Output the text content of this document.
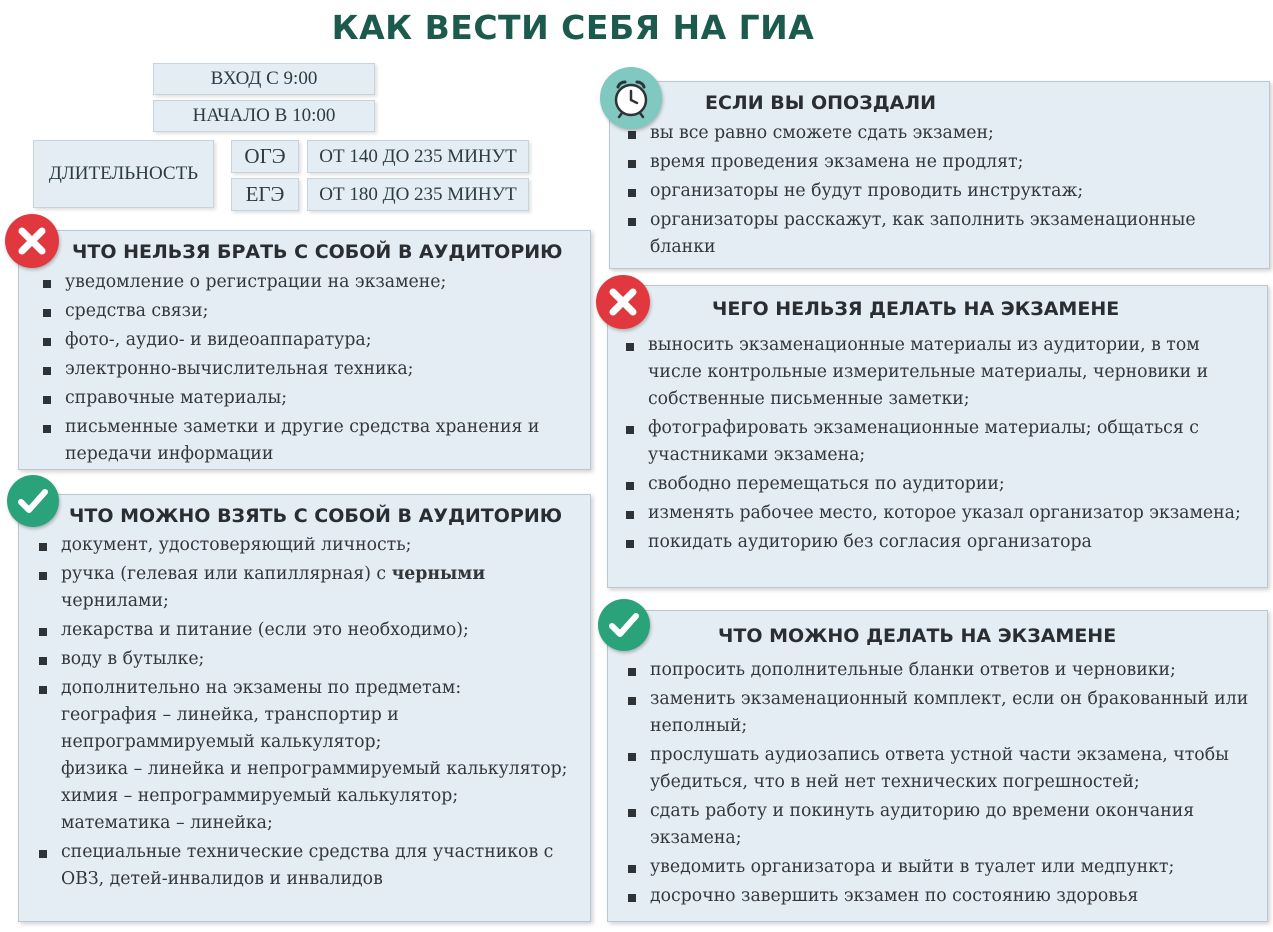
КАК ВЕСТИ СЕБЯ НА ГИА
ВХОД С 9:00
НАЧАЛО В 10:00
ДЛИТЕЛЬНОСТЬ
ОГЭ	ОТ 140 ДО 235 МИНУТ
ЕГЭ	ОТ 180 ДО 235 МИНУТ
ЧТО НЕЛЬЗЯ БРАТЬ С СОБОЙ В АУДИТОРИЮ
уведомление о регистрации на экзамене;
средства связи;
фото-, аудио- и видеоаппаратура;
электронно-вычислительная техника;
справочные материалы;
письменные заметки и другие средства хранения и передачи информации
ЧТО МОЖНО ВЗЯТЬ С СОБОЙ В АУДИТОРИЮ
документ, удостоверяющий личность;
ручка (гелевая или капиллярная) с черными чернилами;
лекарства и питание (если это необходимо);
воду в бутылке;
дополнительно на экзамены по предметам:
география – линейка, транспортир и непрограммируемый калькулятор;
физика – линейка и непрограммируемый калькулятор;
химия – непрограммируемый калькулятор;
математика – линейка;
специальные технические средства для участников с ОВЗ, детей-инвалидов и инвалидов
ЕСЛИ ВЫ ОПОЗДАЛИ
вы все равно сможете сдать экзамен;
время проведения экзамена не продлят;
организаторы не будут проводить инструктаж;
организаторы расскажут, как заполнить экзаменационные бланки
ЧЕГО НЕЛЬЗЯ ДЕЛАТЬ НА ЭКЗАМЕНЕ
выносить экзаменационные материалы из аудитории, в том числе контрольные измерительные материалы, черновики и собственные письменные заметки;
фотографировать экзаменационные материалы; общаться с участниками экзамена;
свободно перемещаться по аудитории;
изменять рабочее место, которое указал организатор экзамена;
покидать аудиторию без согласия организатора
ЧТО МОЖНО ДЕЛАТЬ НА ЭКЗАМЕНЕ
попросить дополнительные бланки ответов и черновики;
заменить экзаменационный комплект, если он бракованный или неполный;
прослушать аудиозапись ответа устной части экзамена, чтобы убедиться, что в ней нет технических погрешностей;
сдать работу и покинуть аудиторию до времени окончания экзамена;
уведомить организатора и выйти в туалет или медпункт;
досрочно завершить экзамен по состоянию здоровья
